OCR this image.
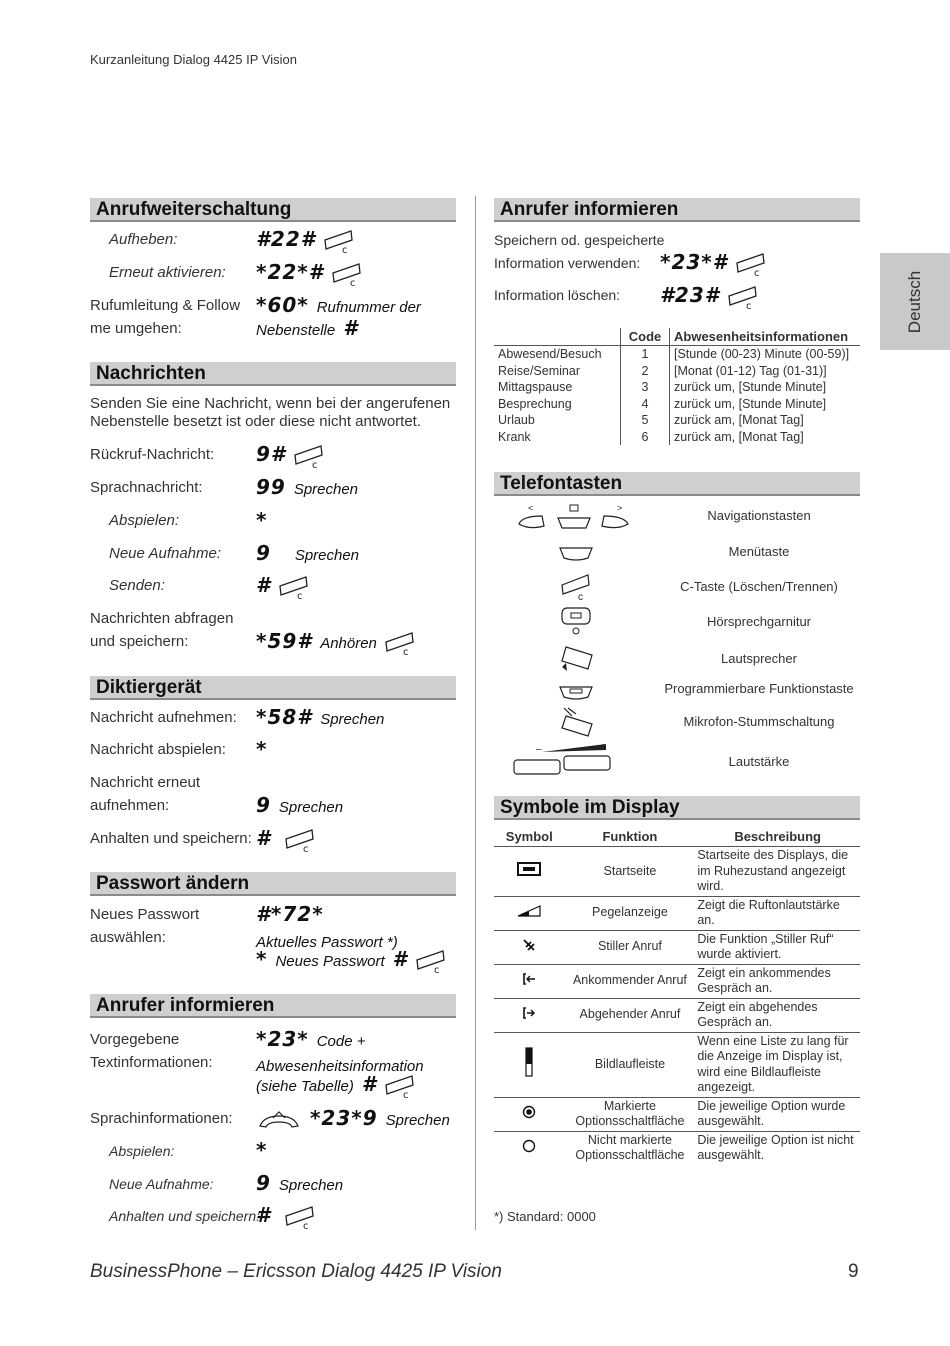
Kurzanleitung Dialog 4425 IP Vision
Deutsch
Anrufweiterschaltung
Aufheben:	#22#	c
Erneut aktivieren: *22*#	c
Rufumleitung & Follow
me umgehen:
*60* Rufnummer der
Nebenstelle #
Nachrichten
Senden Sie eine Nachricht, wenn bei der angerufenen
Nebenstelle besetzt ist oder diese nicht antwortet.
Rückruf-Nachricht: 9#	c
Sprachnachricht:	99 Sprechen
Abspielen:	*
Neue Aufnahme: 9 Sprechen
Senden:	#	c
Nachrichten abfragen
und speichern:	*59# Anhören	c
Diktiergerät
Nachricht aufnehmen: *58# Sprechen
Nachricht abspielen: *
Nachricht erneut
aufnehmen:	9 Sprechen
Anhalten und speichern: #	c
Passwort ändern
Neues Passwort
auswählen:
#*72*
Aktuelles Passwort *)
* Neues Passwort #	c
Anrufer informieren
Vorgegebene
Textinformationen:
*23* Code +
Abwesenheitsinformation
(siehe Tabelle) #	c
Sprachinformationen:	*23*9 Sprechen
Abspielen:	*
Neue Aufnahme: 9 Sprechen
Anhalten und speichern:
#	c
Anrufer informieren
Speichern od. gespeicherte
Information verwenden: *23*#	c
Information löschen: #23#	c
	Code	Abwesenheitsinformationen
Abwesend/Besuch	1	[Stunde (00-23) Minute (00-59)]
Reise/Seminar	2	[Monat (01-12) Tag (01-31)]
Mittagspause	3	zurück um, [Stunde Minute]
Besprechung	4	zurück um, [Stunde Minute]
Urlaub	5	zurück am, [Monat Tag]
Krank	6	zurück am, [Monat Tag]
Telefontasten
<	>	Navigationstasten
Menütaste
c
C-Taste (Löschen/Trennen)
Hörsprechgarnitur
Lautsprecher
Programmierbare Funktionstaste
Mikrofon-Stummschaltung
–	+
Lautstärke
Symbole im Display
Symbol	Funktion	Beschreibung
	Startseite	Startseite des Displays, die im Ruhezustand angezeigt wird.
	Pegelanzeige	Zeigt die Ruftonlautstärke an.
	Stiller Anruf	Die Funktion „Stiller Ruf“ wurde aktiviert.
	Ankommender Anruf	Zeigt ein ankommendes Gespräch an.
	Abgehender Anruf	Zeigt ein abgehendes Gespräch an.
	Bildlaufleiste	Wenn eine Liste zu lang für die Anzeige im Display ist, wird eine Bildlaufleiste angezeigt.
	Markierte Optionsschaltfläche	Die jeweilige Option wurde ausgewählt.
	Nicht markierte Optionsschaltfläche	Die jeweilige Option ist nicht ausgewählt.
*) Standard: 0000
BusinessPhone – Ericsson Dialog 4425 IP Vision	9
